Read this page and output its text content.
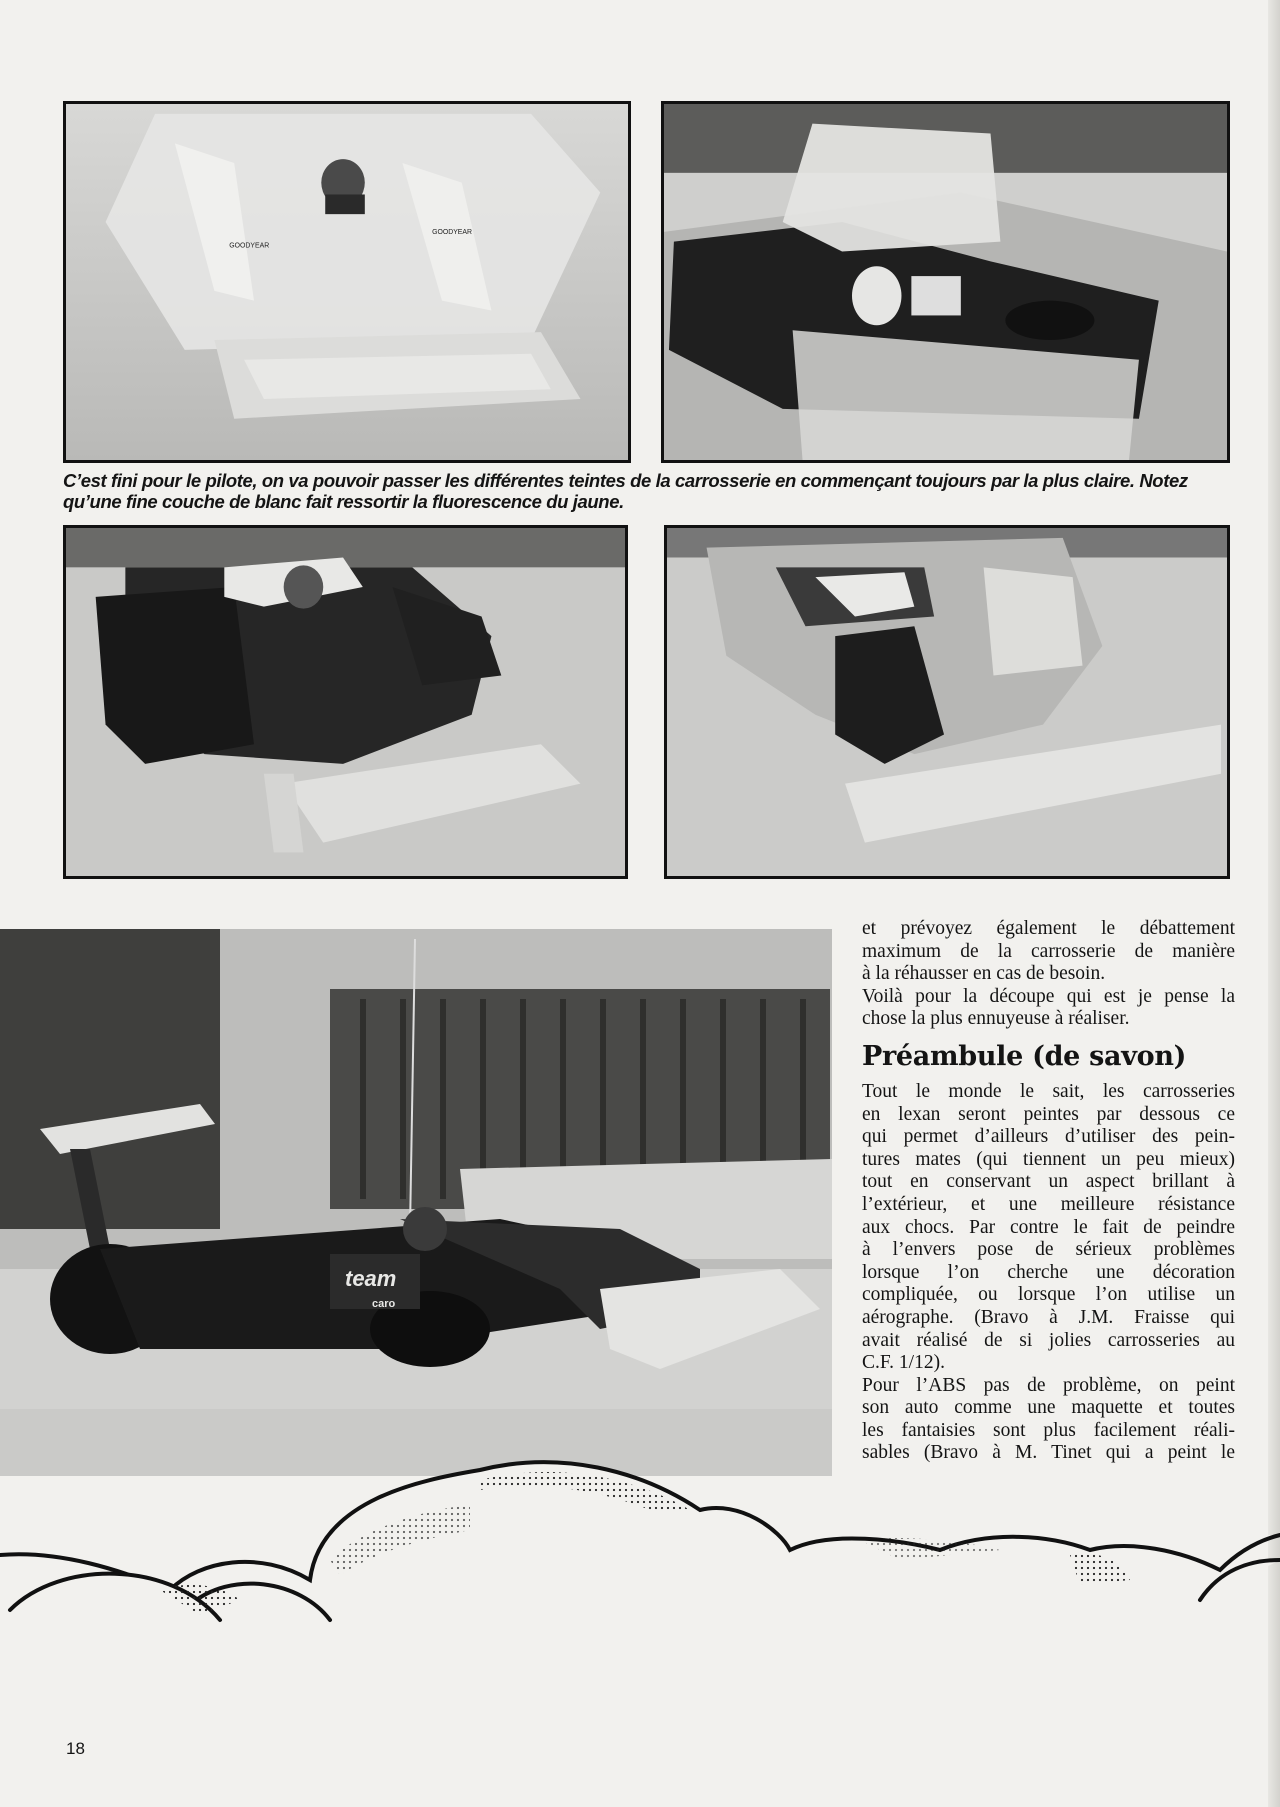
GOODYEAR
GOODYEAR

C’est fini pour le pilote, on va pouvoir passer les différentes teintes de la carrosserie en commençant toujours par la plus claire. Notez
qu’une fine couche de blanc fait ressortir la fluorescence du jaune.

team
caro

et prévoyez également le débattement
maximum de la carrosserie de manière
à la réhausser en cas de besoin.

Voilà pour la découpe qui est je pense la
chose la plus ennuyeuse à réaliser.

Préambule (de savon)

Tout le monde le sait, les carrosseries
en lexan seront peintes par dessous ce
qui permet d’ailleurs d’utiliser des pein-
tures mates (qui tiennent un peu mieux)
tout en conservant un aspect brillant à
l’extérieur, et une meilleure résistance
aux chocs. Par contre le fait de peindre
à l’envers pose de sérieux problèmes
lorsque l’on cherche une décoration
compliquée, ou lorsque l’on utilise un
aérographe. (Bravo à J.M. Fraisse qui
avait réalisé de si jolies carrosseries au
C.F. 1/12).

Pour l’ABS pas de problème, on peint
son auto comme une maquette et toutes
les fantaisies sont plus facilement réali-
sables (Bravo à M. Tinet qui a peint le

18
